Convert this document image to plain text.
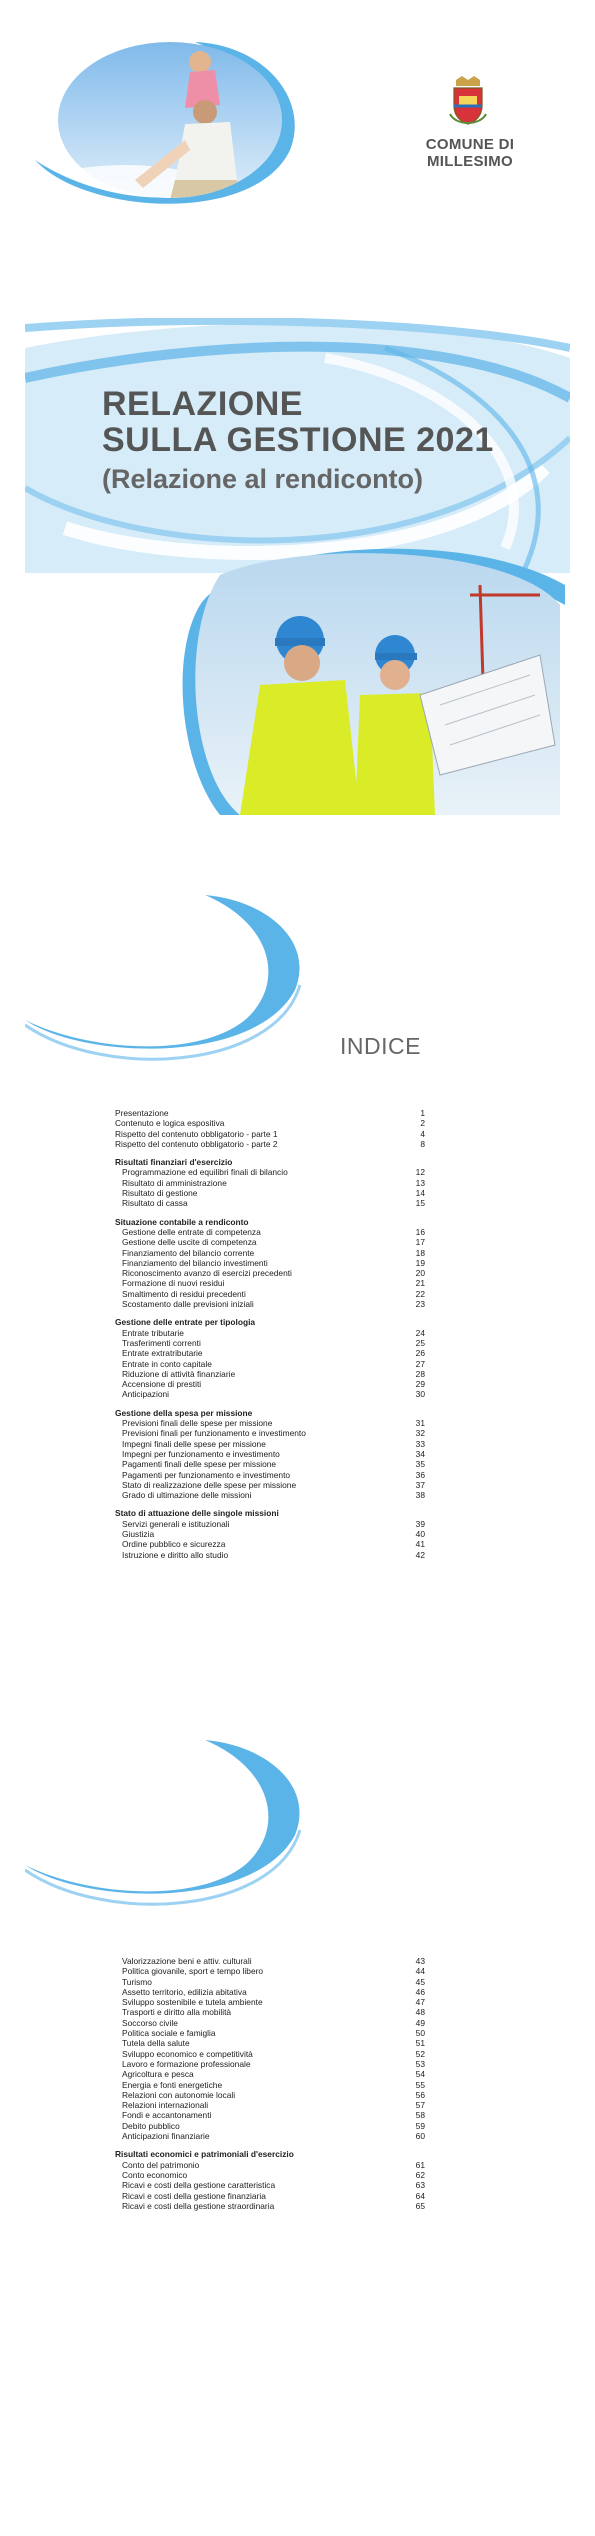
COMUNE DI
MILLESIMO
RELAZIONE
SULLA GESTIONE 2021
(Relazione al rendiconto)
INDICE
Presentazione	1
Contenuto e logica espositiva	2
Rispetto del contenuto obbligatorio - parte 1	4
Rispetto del contenuto obbligatorio - parte 2	8
Risultati finanziari d'esercizio
Programmazione ed equilibri finali di bilancio	12
Risultato di amministrazione	13
Risultato di gestione	14
Risultato di cassa	15
Situazione contabile a rendiconto
Gestione delle entrate di competenza	16
Gestione delle uscite di competenza	17
Finanziamento del bilancio corrente	18
Finanziamento del bilancio investimenti	19
Riconoscimento avanzo di esercizi precedenti	20
Formazione di nuovi residui	21
Smaltimento di residui precedenti	22
Scostamento dalle previsioni iniziali	23
Gestione delle entrate per tipologia
Entrate tributarie	24
Trasferimenti correnti	25
Entrate extratributarie	26
Entrate in conto capitale	27
Riduzione di attività finanziarie	28
Accensione di prestiti	29
Anticipazioni	30
Gestione della spesa per missione
Previsioni finali delle spese per missione	31
Previsioni finali per funzionamento e investimento	32
Impegni finali delle spese per missione	33
Impegni per funzionamento e investimento	34
Pagamenti finali delle spese per missione	35
Pagamenti per funzionamento e investimento	36
Stato di realizzazione delle spese per missione	37
Grado di ultimazione delle missioni	38
Stato di attuazione delle singole missioni
Servizi generali e istituzionali	39
Giustizia	40
Ordine pubblico e sicurezza	41
Istruzione e diritto allo studio	42
Valorizzazione beni e attiv. culturali	43
Politica giovanile, sport e tempo libero	44
Turismo	45
Assetto territorio, edilizia abitativa	46
Sviluppo sostenibile e tutela ambiente	47
Trasporti e diritto alla mobilità	48
Soccorso civile	49
Politica sociale e famiglia	50
Tutela della salute	51
Sviluppo economico e competitività	52
Lavoro e formazione professionale	53
Agricoltura e pesca	54
Energia e fonti energetiche	55
Relazioni con autonomie locali	56
Relazioni internazionali	57
Fondi e accantonamenti	58
Debito pubblico	59
Anticipazioni finanziarie	60
Risultati economici e patrimoniali d'esercizio
Conto del patrimonio	61
Conto economico	62
Ricavi e costi della gestione caratteristica	63
Ricavi e costi della gestione finanziaria	64
Ricavi e costi della gestione straordinaria	65
